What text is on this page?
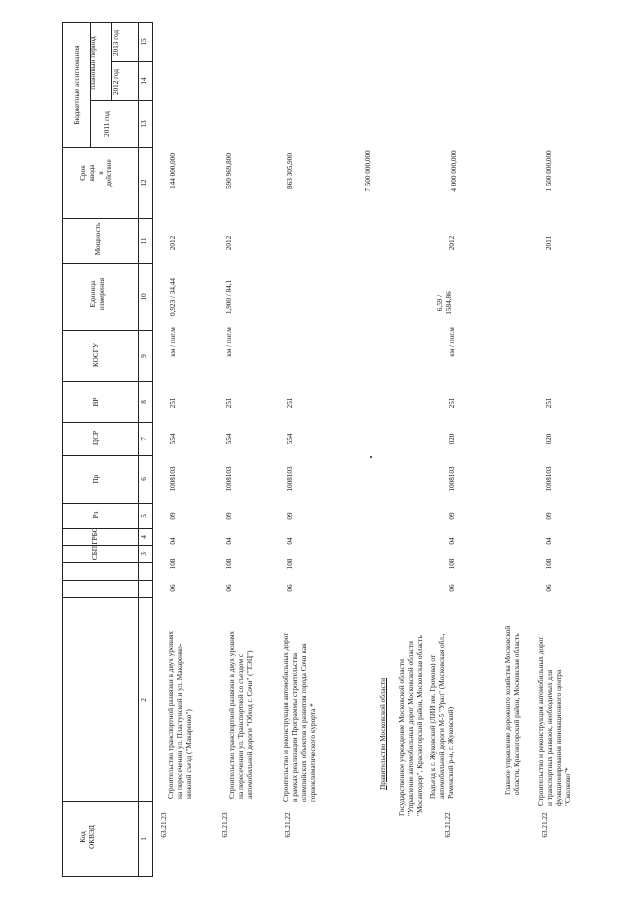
Бюджетные ассигнования	плановый период
2011 год
2012 год
2013 год
Срок
ввода
в
действие
Мощность
Единица
измерения
КОСГУ
ВР
ЦСР
Пр
Рз
ГРБС
СБП
Код
ОКВЭД
15
14
13
12
11
10
9
8
7
6
5
4
3
2
1
63.21.23
Строительство транспортной развязки в двух уровнях
на пересечении ул. Пластунской и ул. Макаренко-
нижний съезд ("Макаренко")
06
108
04
09
1008103
554
251
км / пог.м
0,923 / 34,44
2012
144 000,000
63.21.23
Строительство транспортной развязки в двух уровнях
на пересечении ул. Транспортной со съездом с
автомобильной дороги "Обход г. Сочи" ("ТЭЦ")
06
108
04
09
1008103
554
251
км / пог.м
1,900 / 84,1
2012
590 969,800
63.21.22
Строительство и реконструкция автомобильных дорог
в рамках реализации Программы строительства
олимпийских объектов и развития города Сочи как
горноклиматического курорта *
06
108
04
09
1008103
554
251
863 305,900
Правительство Московской области
7 500 000,000
Государственное учреждение Московской области
"Управление автомобильных дорог Московской области
"Мосавтодор", Красногорский район, Московская область
63.21.22
Подъезд к г. Жуковский (ЛИИ им. Громова) от
автомобильной дороги М-5 "Урал" (Московская обл.,
Раменский р-н, г. Жуковский)
06
108
04
09
1008103
020
251
км / пог.м
6,59 /
1584,86
2012
4 000 000,000
Главное управление дорожного хозяйства Московской
области, Красногорский район, Московская область
63.21.22
Строительство и реконструкция автомобильных дорог
и транспортных развязок, необходимых для
функционирования инновационного центра
"Сколково"*
06
108
04
09
1008103
020
251
2011
1 500 000,000
